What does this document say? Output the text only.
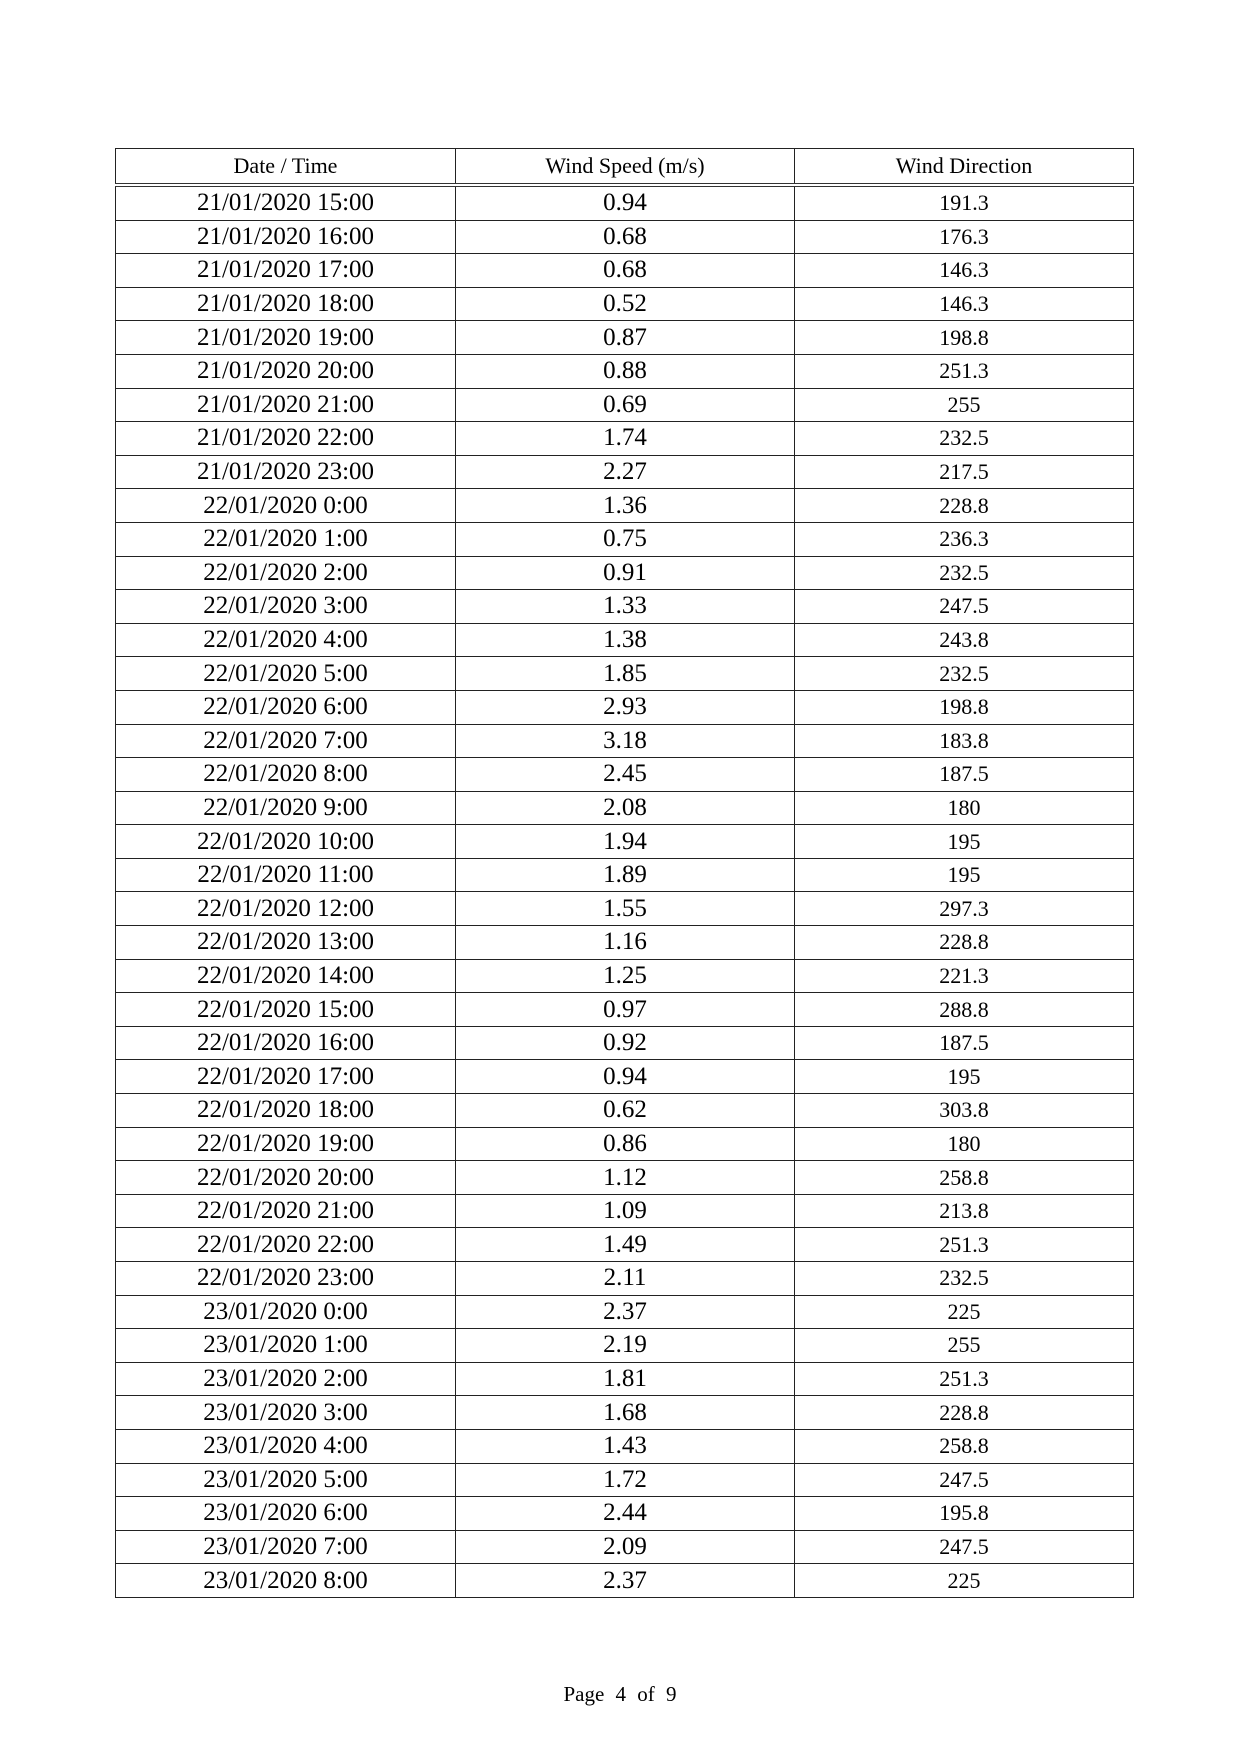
Date / Time	Wind Speed (m/s)	Wind Direction
21/01/2020 15:00	0.94	191.3
21/01/2020 16:00	0.68	176.3
21/01/2020 17:00	0.68	146.3
21/01/2020 18:00	0.52	146.3
21/01/2020 19:00	0.87	198.8
21/01/2020 20:00	0.88	251.3
21/01/2020 21:00	0.69	255
21/01/2020 22:00	1.74	232.5
21/01/2020 23:00	2.27	217.5
22/01/2020 0:00	1.36	228.8
22/01/2020 1:00	0.75	236.3
22/01/2020 2:00	0.91	232.5
22/01/2020 3:00	1.33	247.5
22/01/2020 4:00	1.38	243.8
22/01/2020 5:00	1.85	232.5
22/01/2020 6:00	2.93	198.8
22/01/2020 7:00	3.18	183.8
22/01/2020 8:00	2.45	187.5
22/01/2020 9:00	2.08	180
22/01/2020 10:00	1.94	195
22/01/2020 11:00	1.89	195
22/01/2020 12:00	1.55	297.3
22/01/2020 13:00	1.16	228.8
22/01/2020 14:00	1.25	221.3
22/01/2020 15:00	0.97	288.8
22/01/2020 16:00	0.92	187.5
22/01/2020 17:00	0.94	195
22/01/2020 18:00	0.62	303.8
22/01/2020 19:00	0.86	180
22/01/2020 20:00	1.12	258.8
22/01/2020 21:00	1.09	213.8
22/01/2020 22:00	1.49	251.3
22/01/2020 23:00	2.11	232.5
23/01/2020 0:00	2.37	225
23/01/2020 1:00	2.19	255
23/01/2020 2:00	1.81	251.3
23/01/2020 3:00	1.68	228.8
23/01/2020 4:00	1.43	258.8
23/01/2020 5:00	1.72	247.5
23/01/2020 6:00	2.44	195.8
23/01/2020 7:00	2.09	247.5
23/01/2020 8:00	2.37	225
Page 4 of 9
